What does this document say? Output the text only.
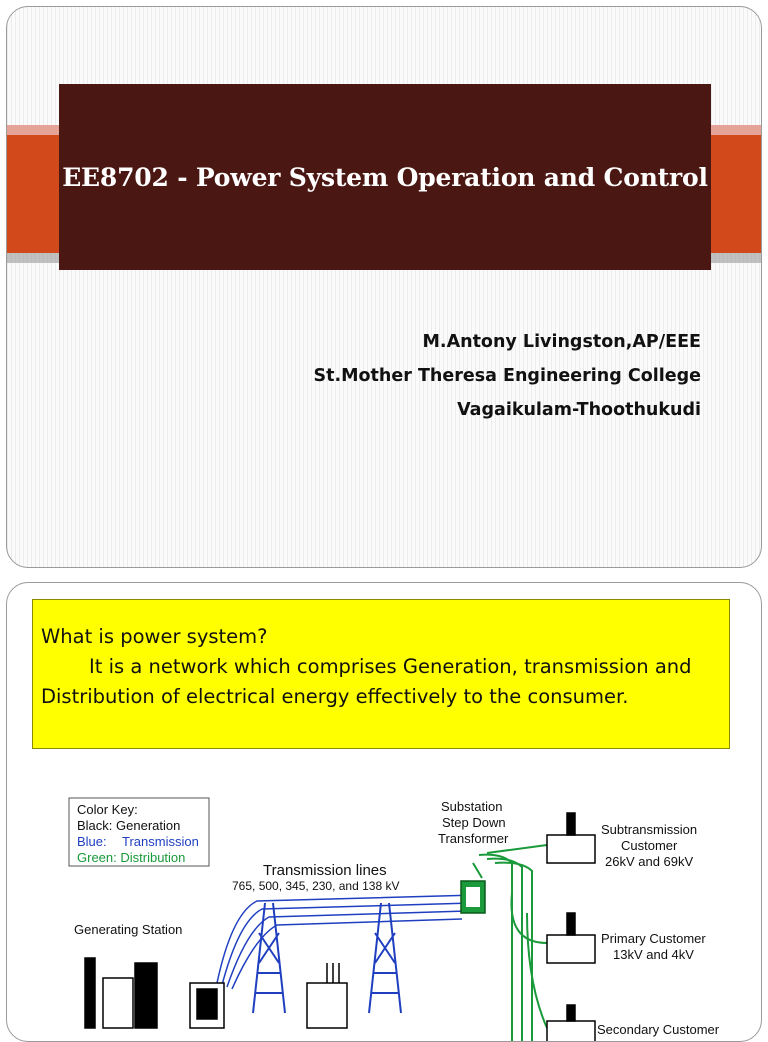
EE8702 - Power System Operation and Control
M.Antony Livingston,AP/EEE
St.Mother Theresa Engineering College
Vagaikulam-Thoothukudi

What is power system?

It is a network which comprises Generation, transmission and

Distribution of electrical energy effectively to the consumer.

Color Key:
Black: Generation
Blue: Transmission
Green: Distribution
Transmission lines
765, 500, 345, 230, and 138 kV
Generating Station
Substation
Step Down
Transformer
Subtransmission
Customer
26kV and 69kV
Primary Customer
13kV and 4kV
Secondary Customer
